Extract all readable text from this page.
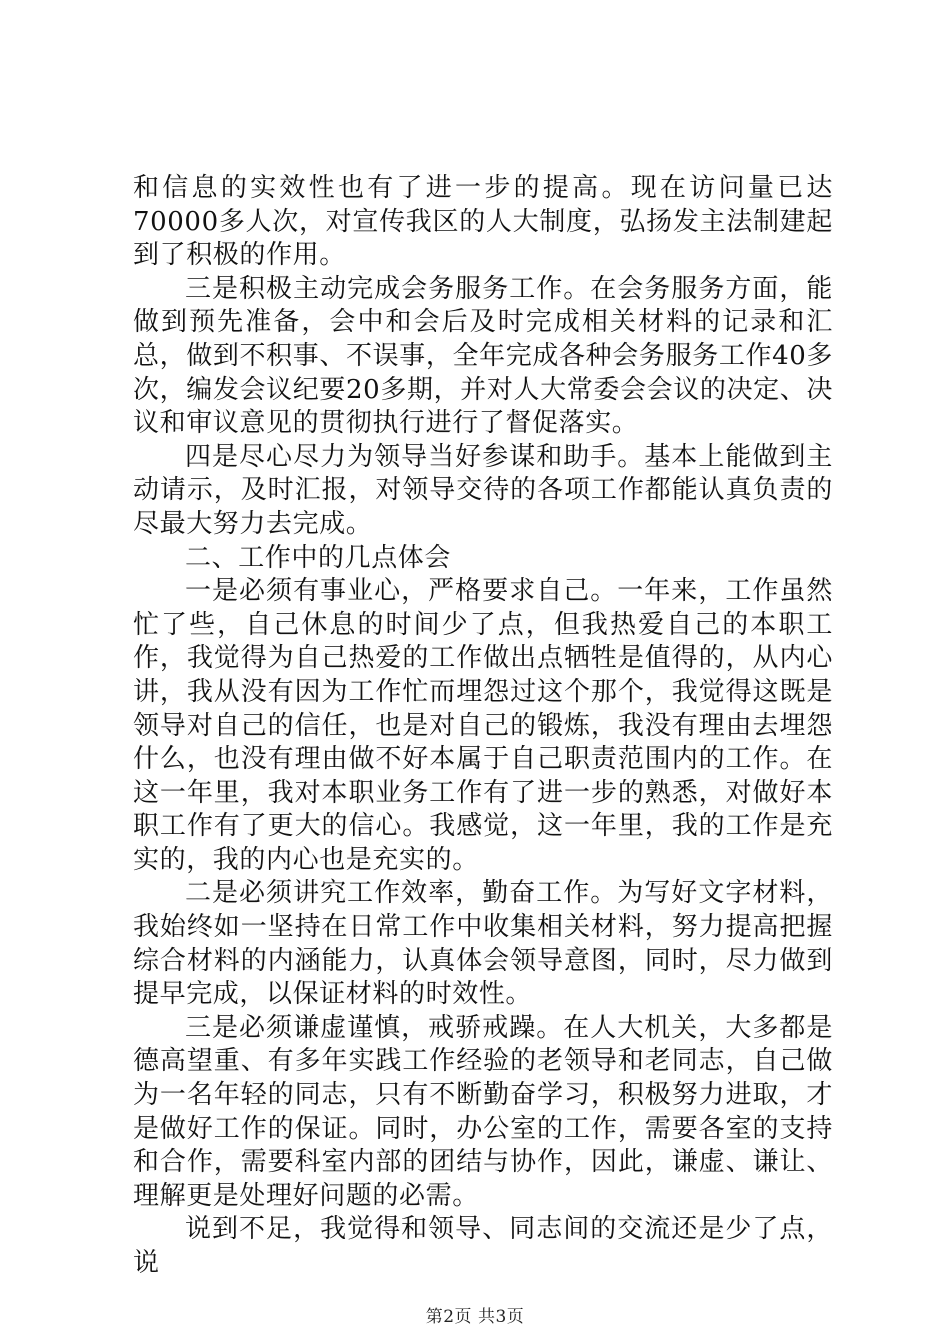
和信息的实效性也有了进一步的提高。现在访问量已达70000多人次，对宣传我区的人大制度，弘扬发主法制建起到了积极的作用。

三是积极主动完成会务服务工作。在会务服务方面，能做到预先准备，会中和会后及时完成相关材料的记录和汇总，做到不积事、不误事，全年完成各种会务服务工作40多次，编发会议纪要20多期，并对人大常委会会议的决定、决议和审议意见的贯彻执行进行了督促落实。

四是尽心尽力为领导当好参谋和助手。基本上能做到主动请示，及时汇报，对领导交待的各项工作都能认真负责的尽最大努力去完成。

二、工作中的几点体会

一是必须有事业心，严格要求自己。一年来，工作虽然忙了些，自己休息的时间少了点，但我热爱自己的本职工作，我觉得为自己热爱的工作做出点牺牲是值得的，从内心讲，我从没有因为工作忙而埋怨过这个那个，我觉得这既是领导对自己的信任，也是对自己的锻炼，我没有理由去埋怨什么，也没有理由做不好本属于自己职责范围内的工作。在这一年里，我对本职业务工作有了进一步的熟悉，对做好本职工作有了更大的信心。我感觉，这一年里，我的工作是充实的，我的内心也是充实的。

二是必须讲究工作效率，勤奋工作。为写好文字材料，我始终如一坚持在日常工作中收集相关材料，努力提高把握综合材料的内涵能力，认真体会领导意图，同时，尽力做到提早完成，以保证材料的时效性。

三是必须谦虚谨慎，戒骄戒躁。在人大机关，大多都是德高望重、有多年实践工作经验的老领导和老同志，自己做为一名年轻的同志，只有不断勤奋学习，积极努力进取，才是做好工作的保证。同时，办公室的工作，需要各室的支持和合作，需要科室内部的团结与协作，因此，谦虚、谦让、理解更是处理好问题的必需。

说到不足，我觉得和领导、同志间的交流还是少了点，说

第2页 共3页
